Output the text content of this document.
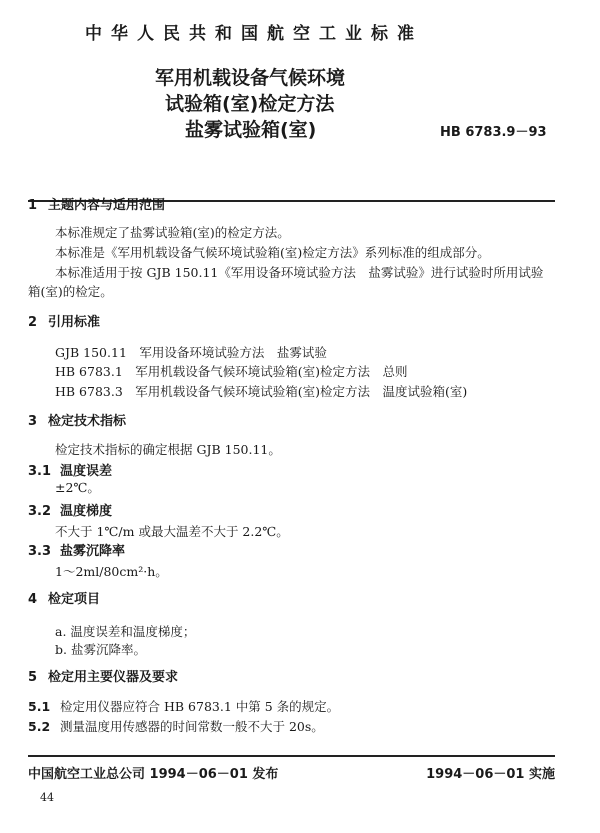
中华人民共和国航空工业标准
军用机载设备气候环境
试验箱(室)检定方法
盐雾试验箱(室)	HB 6783.9－93
1 主题内容与适用范围
本标准规定了盐雾试验箱(室)的检定方法。
本标准是《军用机载设备气候环境试验箱(室)检定方法》系列标准的组成部分。
本标准适用于按 GJB 150.11《军用设备环境试验方法　盐雾试验》进行试验时所用试验
箱(室)的检定。
2 引用标准
GJB 150.11　军用设备环境试验方法　盐雾试验
HB 6783.1　军用机载设备气候环境试验箱(室)检定方法　总则
HB 6783.3　军用机载设备气候环境试验箱(室)检定方法　温度试验箱(室)
3 检定技术指标
检定技术指标的确定根据 GJB 150.11。
3.1 温度误差
±2℃。
3.2 温度梯度
不大于 1℃/m 或最大温差不大于 2.2℃。
3.3 盐雾沉降率
1～2ml/80cm²·h。
4 检定项目
a. 温度误差和温度梯度；
b. 盐雾沉降率。
5 检定用主要仪器及要求
5.1 检定用仪器应符合 HB 6783.1 中第 5 条的规定。
5.2 测量温度用传感器的时间常数一般不大于 20s。
中国航空工业总公司 1994－06－01 发布	1994－06－01 实施
44
